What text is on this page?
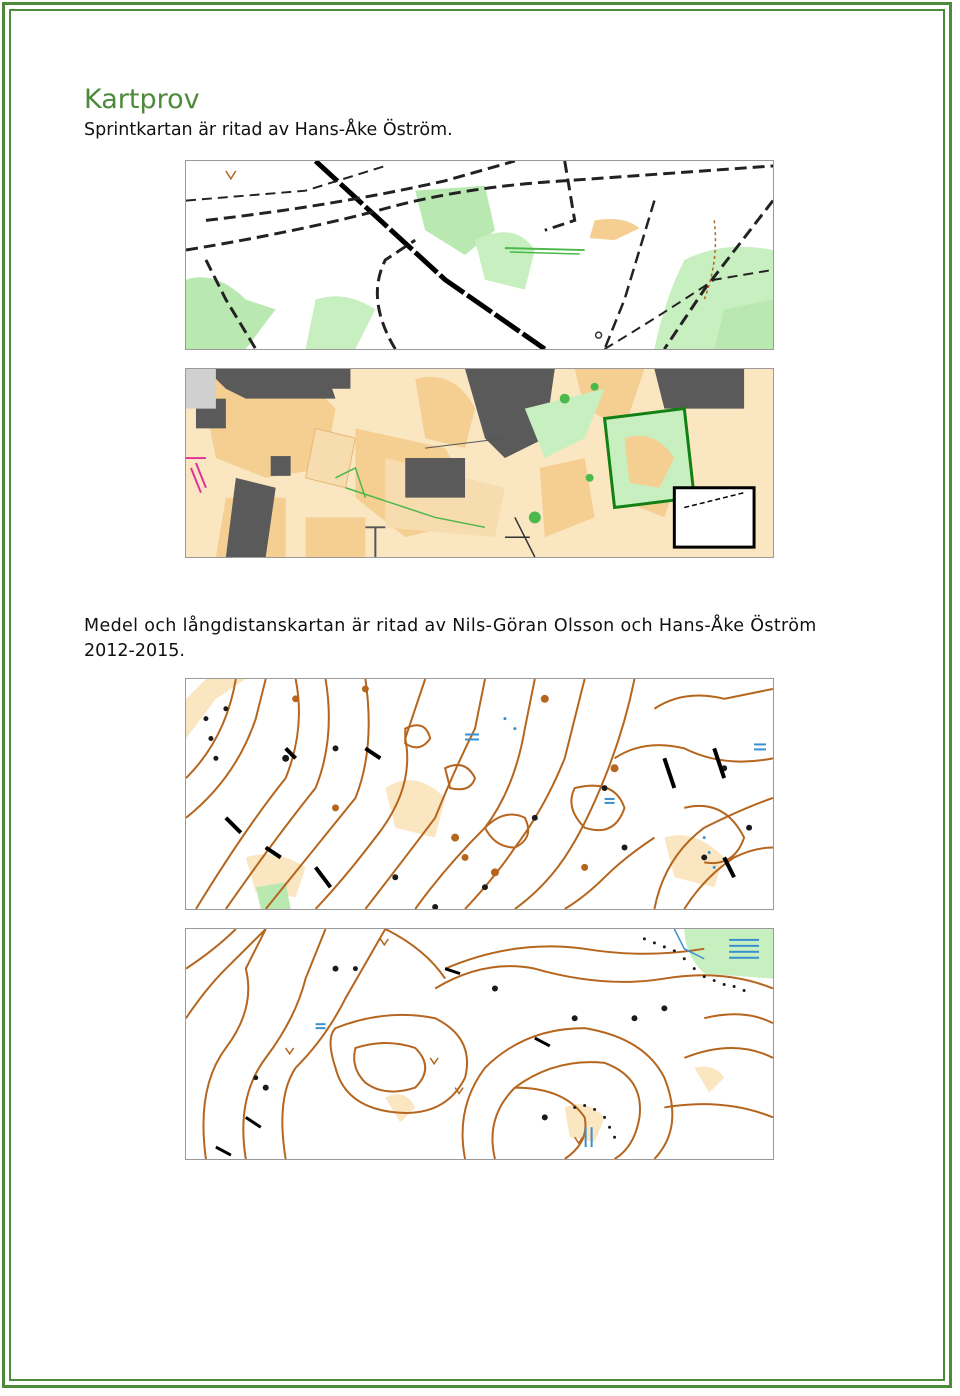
Kartprov

Sprintkartan är ritad av Hans-Åke Öström.

Medel och långdistanskartan är ritad av Nils-Göran Olsson och Hans-Åke Öström

2012-2015.
